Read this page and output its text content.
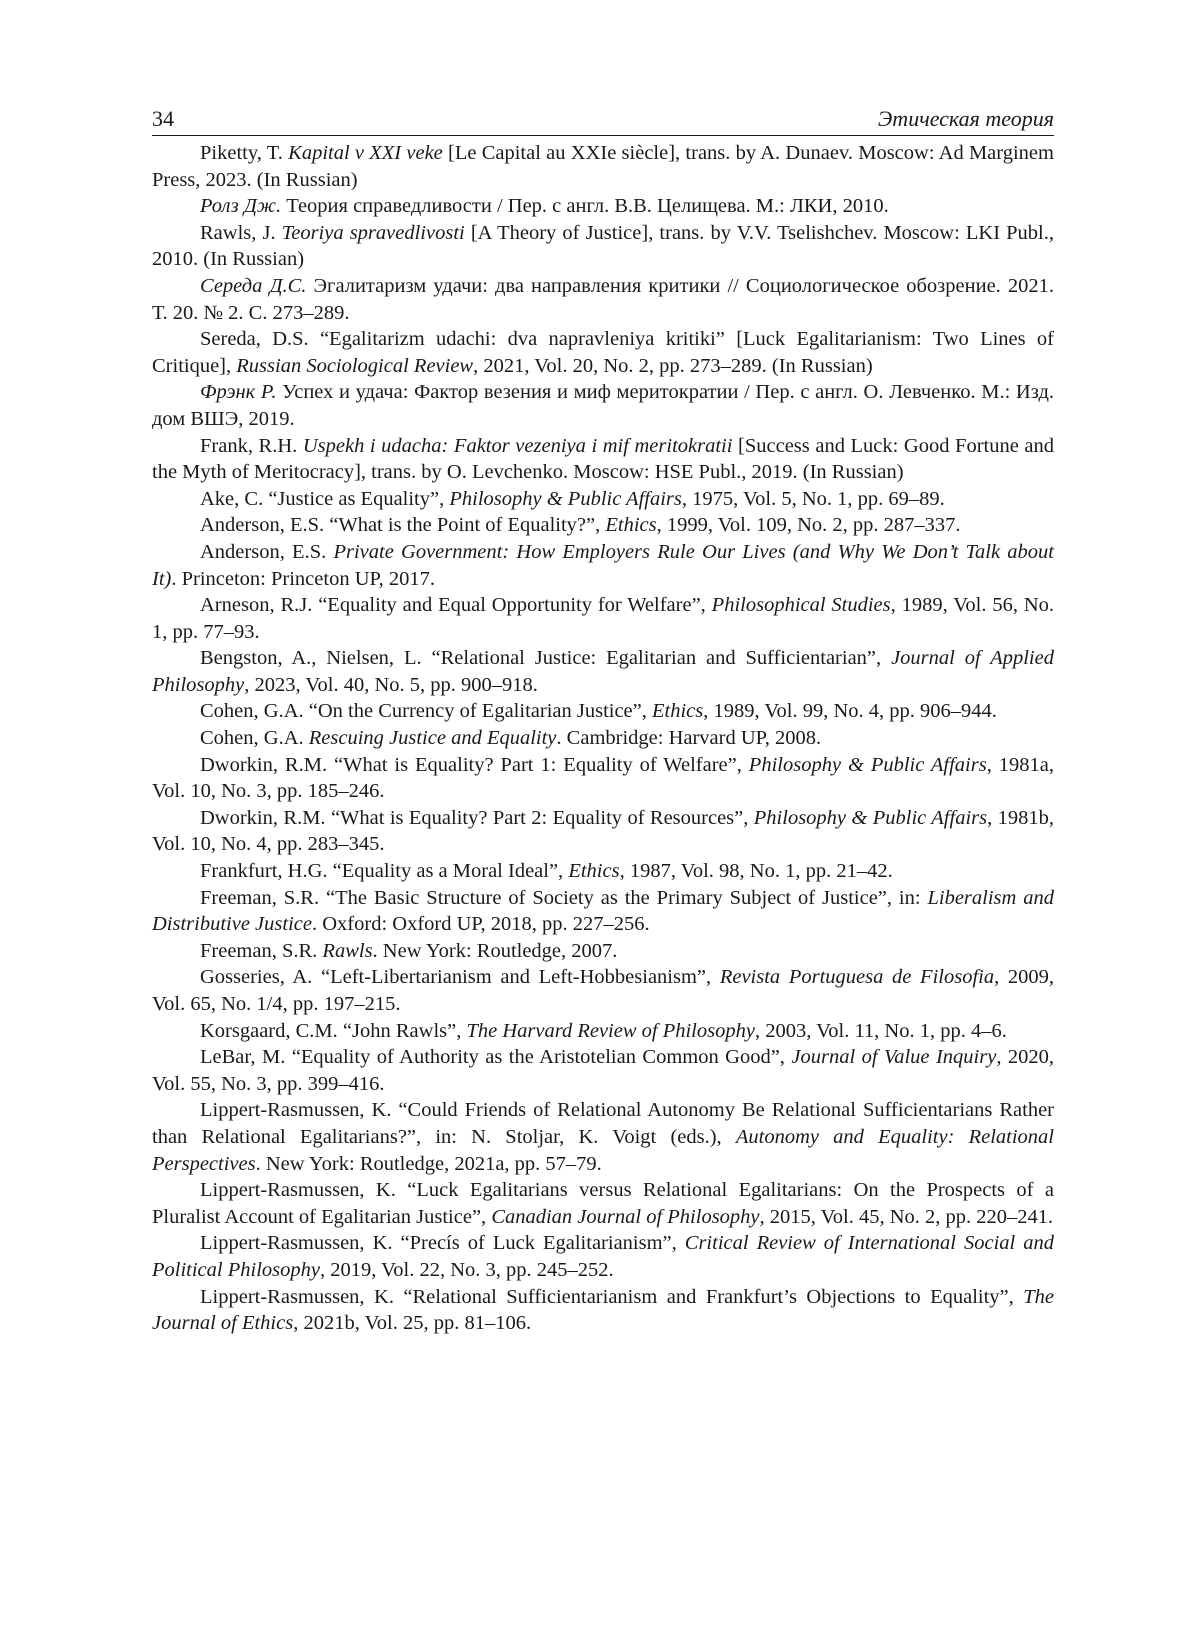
34	Этическая теория

Piketty, T. Kapital v XXI veke [Le Capital au XXIe siècle], trans. by A. Dunaev. Moscow: Ad Marginem Press, 2023. (In Russian)

Ролз Дж. Теория справедливости / Пер. с англ. В.В. Целищева. М.: ЛКИ, 2010.

Rawls, J. Teoriya spravedlivosti [A Theory of Justice], trans. by V.V. Tselishchev. Moscow: LKI Publ., 2010. (In Russian)

Середа Д.С. Эгалитаризм удачи: два направления критики // Социологическое обозрение. 2021. Т. 20. № 2. С. 273–289.

Sereda, D.S. “Egalitarizm udachi: dva napravleniya kritiki” [Luck Egalitarianism: Two Lines of Critique], Russian Sociological Review, 2021, Vol. 20, No. 2, pp. 273–289. (In Russian)

Фрэнк Р. Успех и удача: Фактор везения и миф меритократии / Пер. с англ. О. Левченко. М.: Изд. дом ВШЭ, 2019.

Frank, R.H. Uspekh i udacha: Faktor vezeniya i mif meritokratii [Success and Luck: Good Fortune and the Myth of Meritocracy], trans. by O. Levchenko. Moscow: HSE Publ., 2019. (In Russian)

Ake, C. “Justice as Equality”, Philosophy & Public Affairs, 1975, Vol. 5, No. 1, pp. 69–89.

Anderson, E.S. “What is the Point of Equality?”, Ethics, 1999, Vol. 109, No. 2, pp. 287–337.

Anderson, E.S. Private Government: How Employers Rule Our Lives (and Why We Don’t Talk about It). Princeton: Princeton UP, 2017.

Arneson, R.J. “Equality and Equal Opportunity for Welfare”, Philosophical Studies, 1989, Vol. 56, No. 1, pp. 77–93.

Bengston, A., Nielsen, L. “Relational Justice: Egalitarian and Sufficientarian”, Journal of Applied Philosophy, 2023, Vol. 40, No. 5, pp. 900–918.

Cohen, G.A. “On the Currency of Egalitarian Justice”, Ethics, 1989, Vol. 99, No. 4, pp. 906–944.

Cohen, G.A. Rescuing Justice and Equality. Cambridge: Harvard UP, 2008.

Dworkin, R.M. “What is Equality? Part 1: Equality of Welfare”, Philosophy & Public Affairs, 1981a, Vol. 10, No. 3, pp. 185–246.

Dworkin, R.M. “What is Equality? Part 2: Equality of Resources”, Philosophy & Public Affairs, 1981b, Vol. 10, No. 4, pp. 283–345.

Frankfurt, H.G. “Equality as a Moral Ideal”, Ethics, 1987, Vol. 98, No. 1, pp. 21–42.

Freeman, S.R. “The Basic Structure of Society as the Primary Subject of Justice”, in: Liberalism and Distributive Justice. Oxford: Oxford UP, 2018, pp. 227–256.

Freeman, S.R. Rawls. New York: Routledge, 2007.

Gosseries, A. “Left-Libertarianism and Left-Hobbesianism”, Revista Portuguesa de Filosofia, 2009, Vol. 65, No. 1/4, pp. 197–215.

Korsgaard, C.M. “John Rawls”, The Harvard Review of Philosophy, 2003, Vol. 11, No. 1, pp. 4–6.

LeBar, M. “Equality of Authority as the Aristotelian Common Good”, Journal of Value Inquiry, 2020, Vol. 55, No. 3, pp. 399–416.

Lippert-Rasmussen, K. “Could Friends of Relational Autonomy Be Relational Sufficientarians Rather than Relational Egalitarians?”, in: N. Stoljar, K. Voigt (eds.), Autonomy and Equality: Relational Perspectives. New York: Routledge, 2021a, pp. 57–79.

Lippert-Rasmussen, K. “Luck Egalitarians versus Relational Egalitarians: On the Prospects of a Pluralist Account of Egalitarian Justice”, Canadian Journal of Philosophy, 2015, Vol. 45, No. 2, pp. 220–241.

Lippert-Rasmussen, K. “Precís of Luck Egalitarianism”, Critical Review of International Social and Political Philosophy, 2019, Vol. 22, No. 3, pp. 245–252.

Lippert-Rasmussen, K. “Relational Sufficientarianism and Frankfurt’s Objections to Equality”, The Journal of Ethics, 2021b, Vol. 25, pp. 81–106.
